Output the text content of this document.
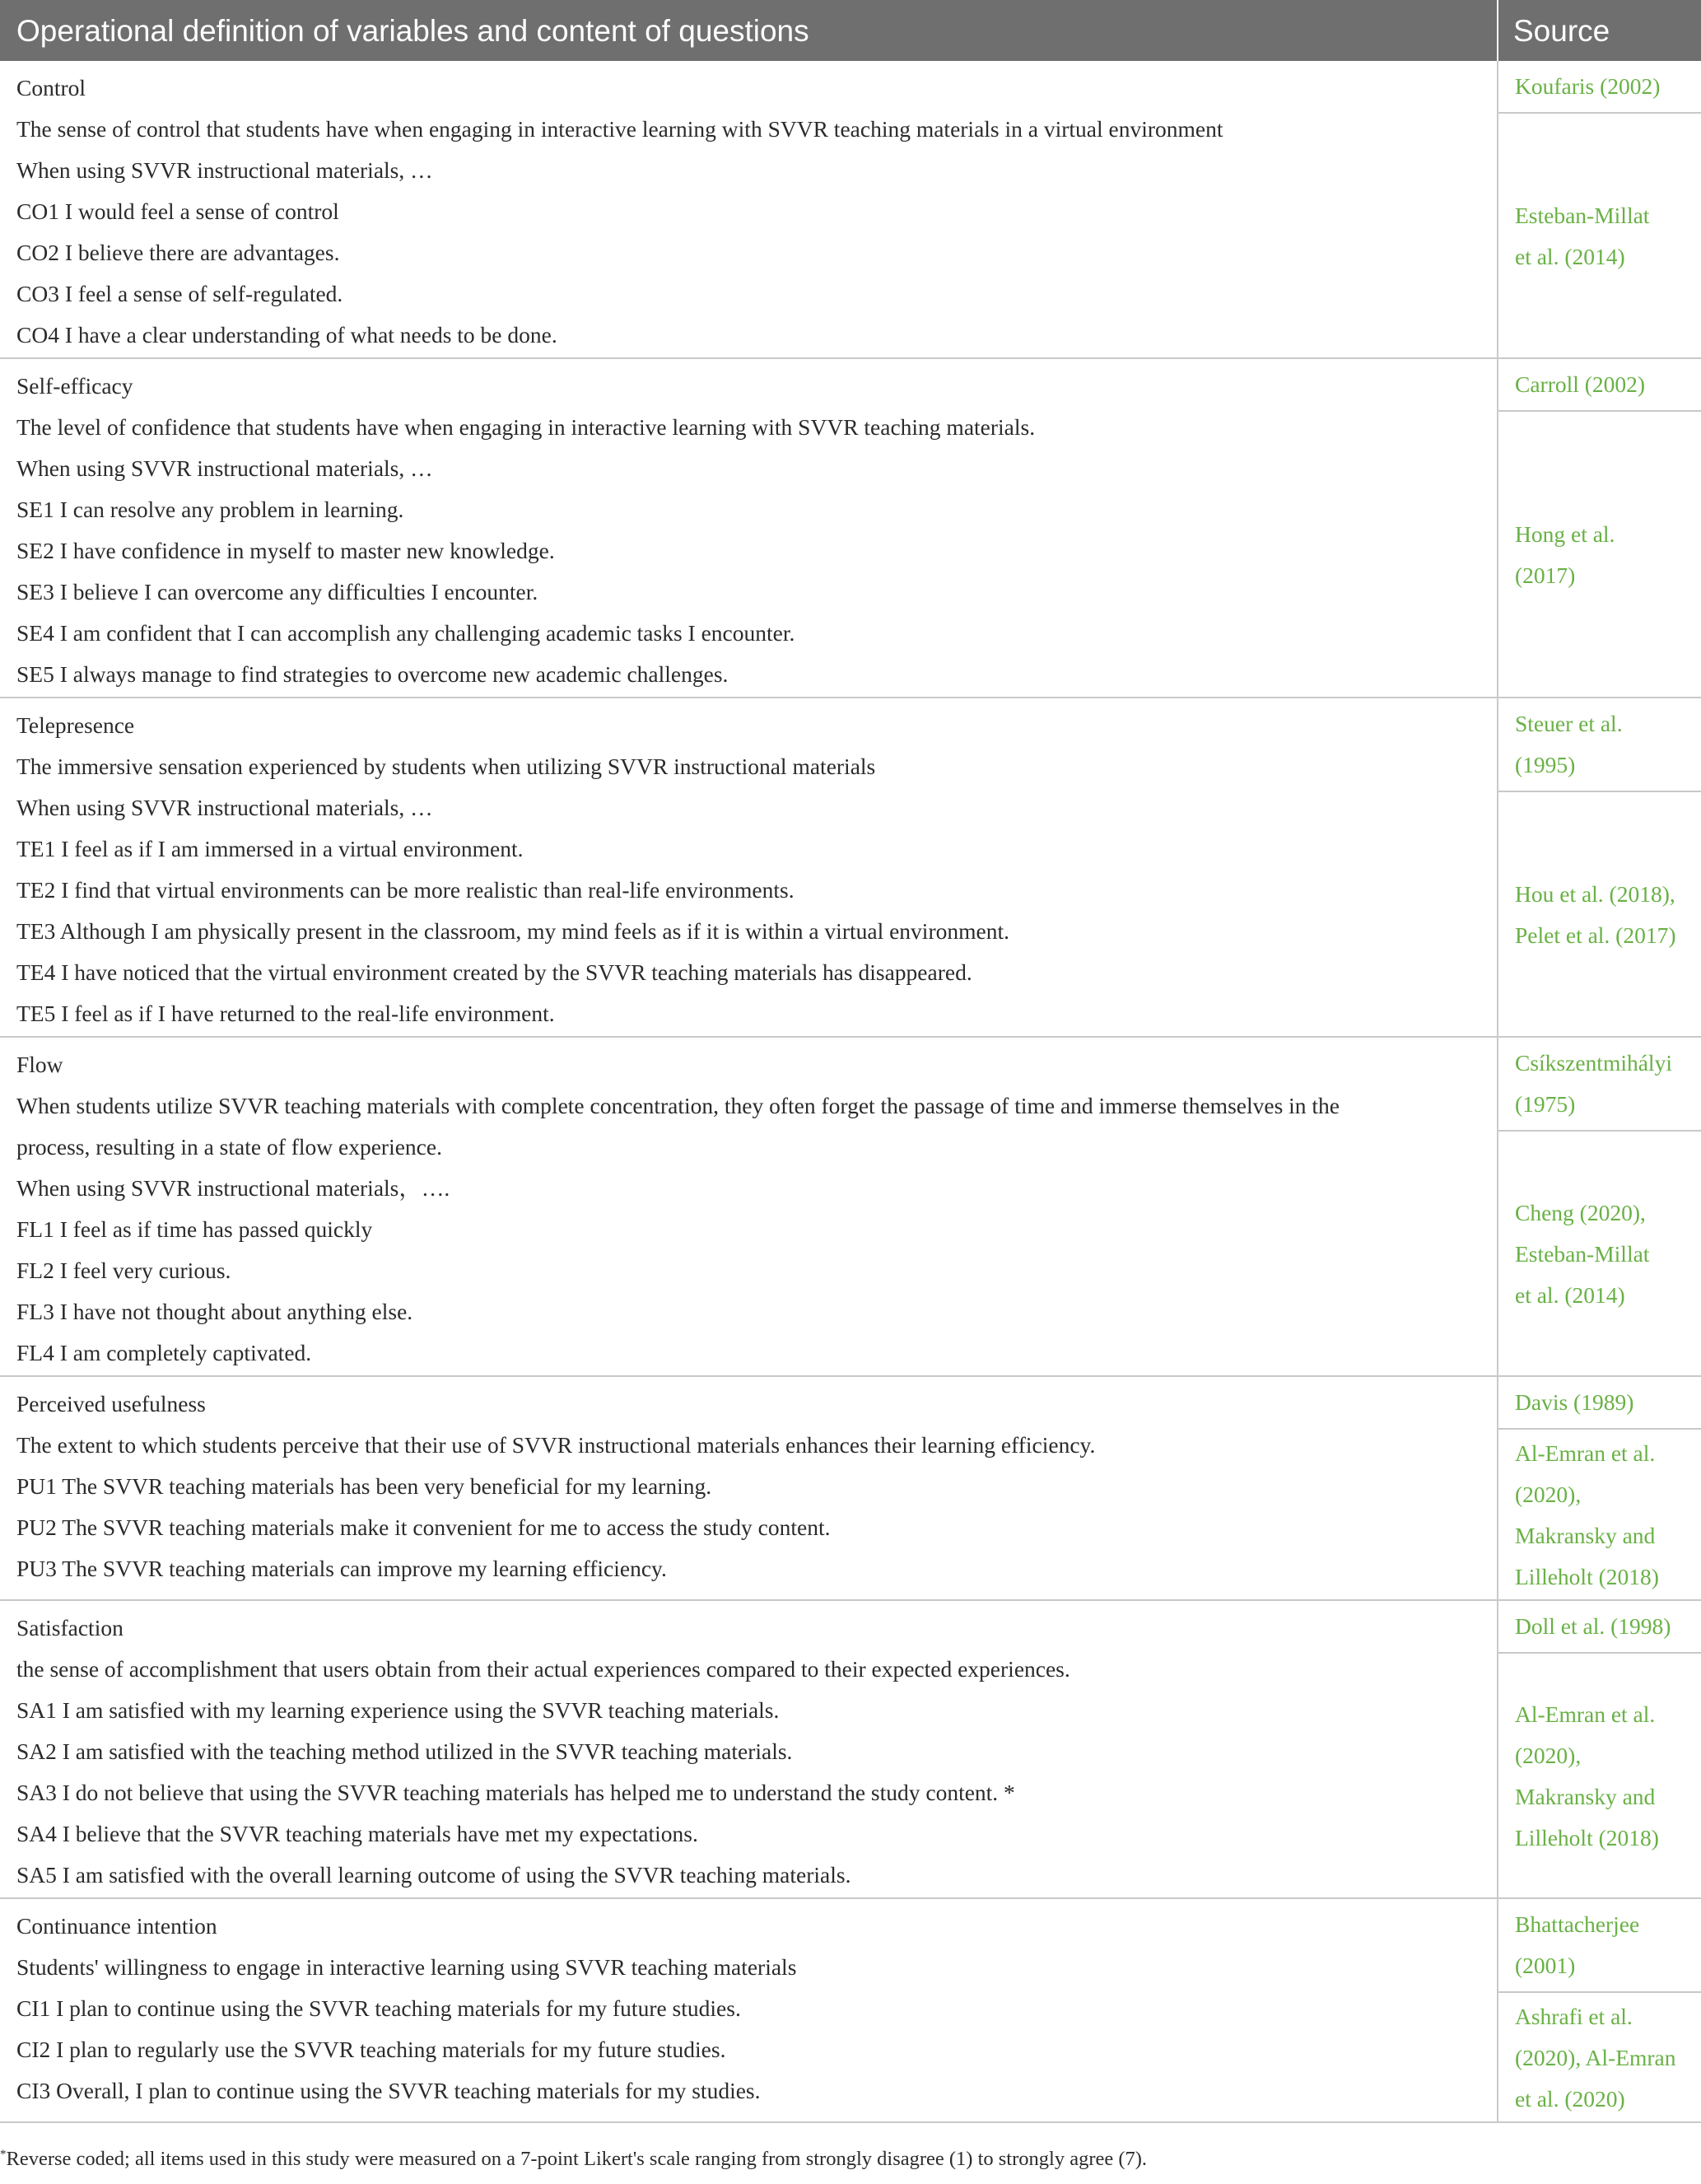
Operational definition of variables and content of questions	Source
Control
The sense of control that students have when engaging in interactive learning with SVVR teaching materials in a virtual environment
When using SVVR instructional materials, …
CO1 I would feel a sense of control
CO2 I believe there are advantages.
CO3 I feel a sense of self-regulated.
CO4 I have a clear understanding of what needs to be done.
Koufaris (2002)
Esteban-Millat
et al. (2014)
Self-efficacy
The level of confidence that students have when engaging in interactive learning with SVVR teaching materials.
When using SVVR instructional materials, …
SE1 I can resolve any problem in learning.
SE2 I have confidence in myself to master new knowledge.
SE3 I believe I can overcome any difficulties I encounter.
SE4 I am confident that I can accomplish any challenging academic tasks I encounter.
SE5 I always manage to find strategies to overcome new academic challenges.
Carroll (2002)
Hong et al.
(2017)
Telepresence
The immersive sensation experienced by students when utilizing SVVR instructional materials
When using SVVR instructional materials, …
TE1 I feel as if I am immersed in a virtual environment.
TE2 I find that virtual environments can be more realistic than real-life environments.
TE3 Although I am physically present in the classroom, my mind feels as if it is within a virtual environment.
TE4 I have noticed that the virtual environment created by the SVVR teaching materials has disappeared.
TE5 I feel as if I have returned to the real-life environment.
Steuer et al.
(1995)
Hou et al. (2018),
Pelet et al. (2017)
Flow
When students utilize SVVR teaching materials with complete concentration, they often forget the passage of time and immerse themselves in the
process, resulting in a state of flow experience.
When using SVVR instructional materials，….
FL1 I feel as if time has passed quickly
FL2 I feel very curious.
FL3 I have not thought about anything else.
FL4 I am completely captivated.
Csíkszentmihályi
(1975)
Cheng (2020),
Esteban-Millat
et al. (2014)
Perceived usefulness
The extent to which students perceive that their use of SVVR instructional materials enhances their learning efficiency.
PU1 The SVVR teaching materials has been very beneficial for my learning.
PU2 The SVVR teaching materials make it convenient for me to access the study content.
PU3 The SVVR teaching materials can improve my learning efficiency.
Davis (1989)
Al-Emran et al.
(2020),
Makransky and
Lilleholt (2018)
Satisfaction
the sense of accomplishment that users obtain from their actual experiences compared to their expected experiences.
SA1 I am satisfied with my learning experience using the SVVR teaching materials.
SA2 I am satisfied with the teaching method utilized in the SVVR teaching materials.
SA3 I do not believe that using the SVVR teaching materials has helped me to understand the study content. *
SA4 I believe that the SVVR teaching materials have met my expectations.
SA5 I am satisfied with the overall learning outcome of using the SVVR teaching materials.
Doll et al. (1998)
Al-Emran et al.
(2020),
Makransky and
Lilleholt (2018)
Continuance intention
Students' willingness to engage in interactive learning using SVVR teaching materials
CI1 I plan to continue using the SVVR teaching materials for my future studies.
CI2 I plan to regularly use the SVVR teaching materials for my future studies.
CI3 Overall, I plan to continue using the SVVR teaching materials for my studies.
Bhattacherjee
(2001)
Ashrafi et al.
(2020), Al-Emran
et al. (2020)
*Reverse coded; all items used in this study were measured on a 7-point Likert's scale ranging from strongly disagree (1) to strongly agree (7).
